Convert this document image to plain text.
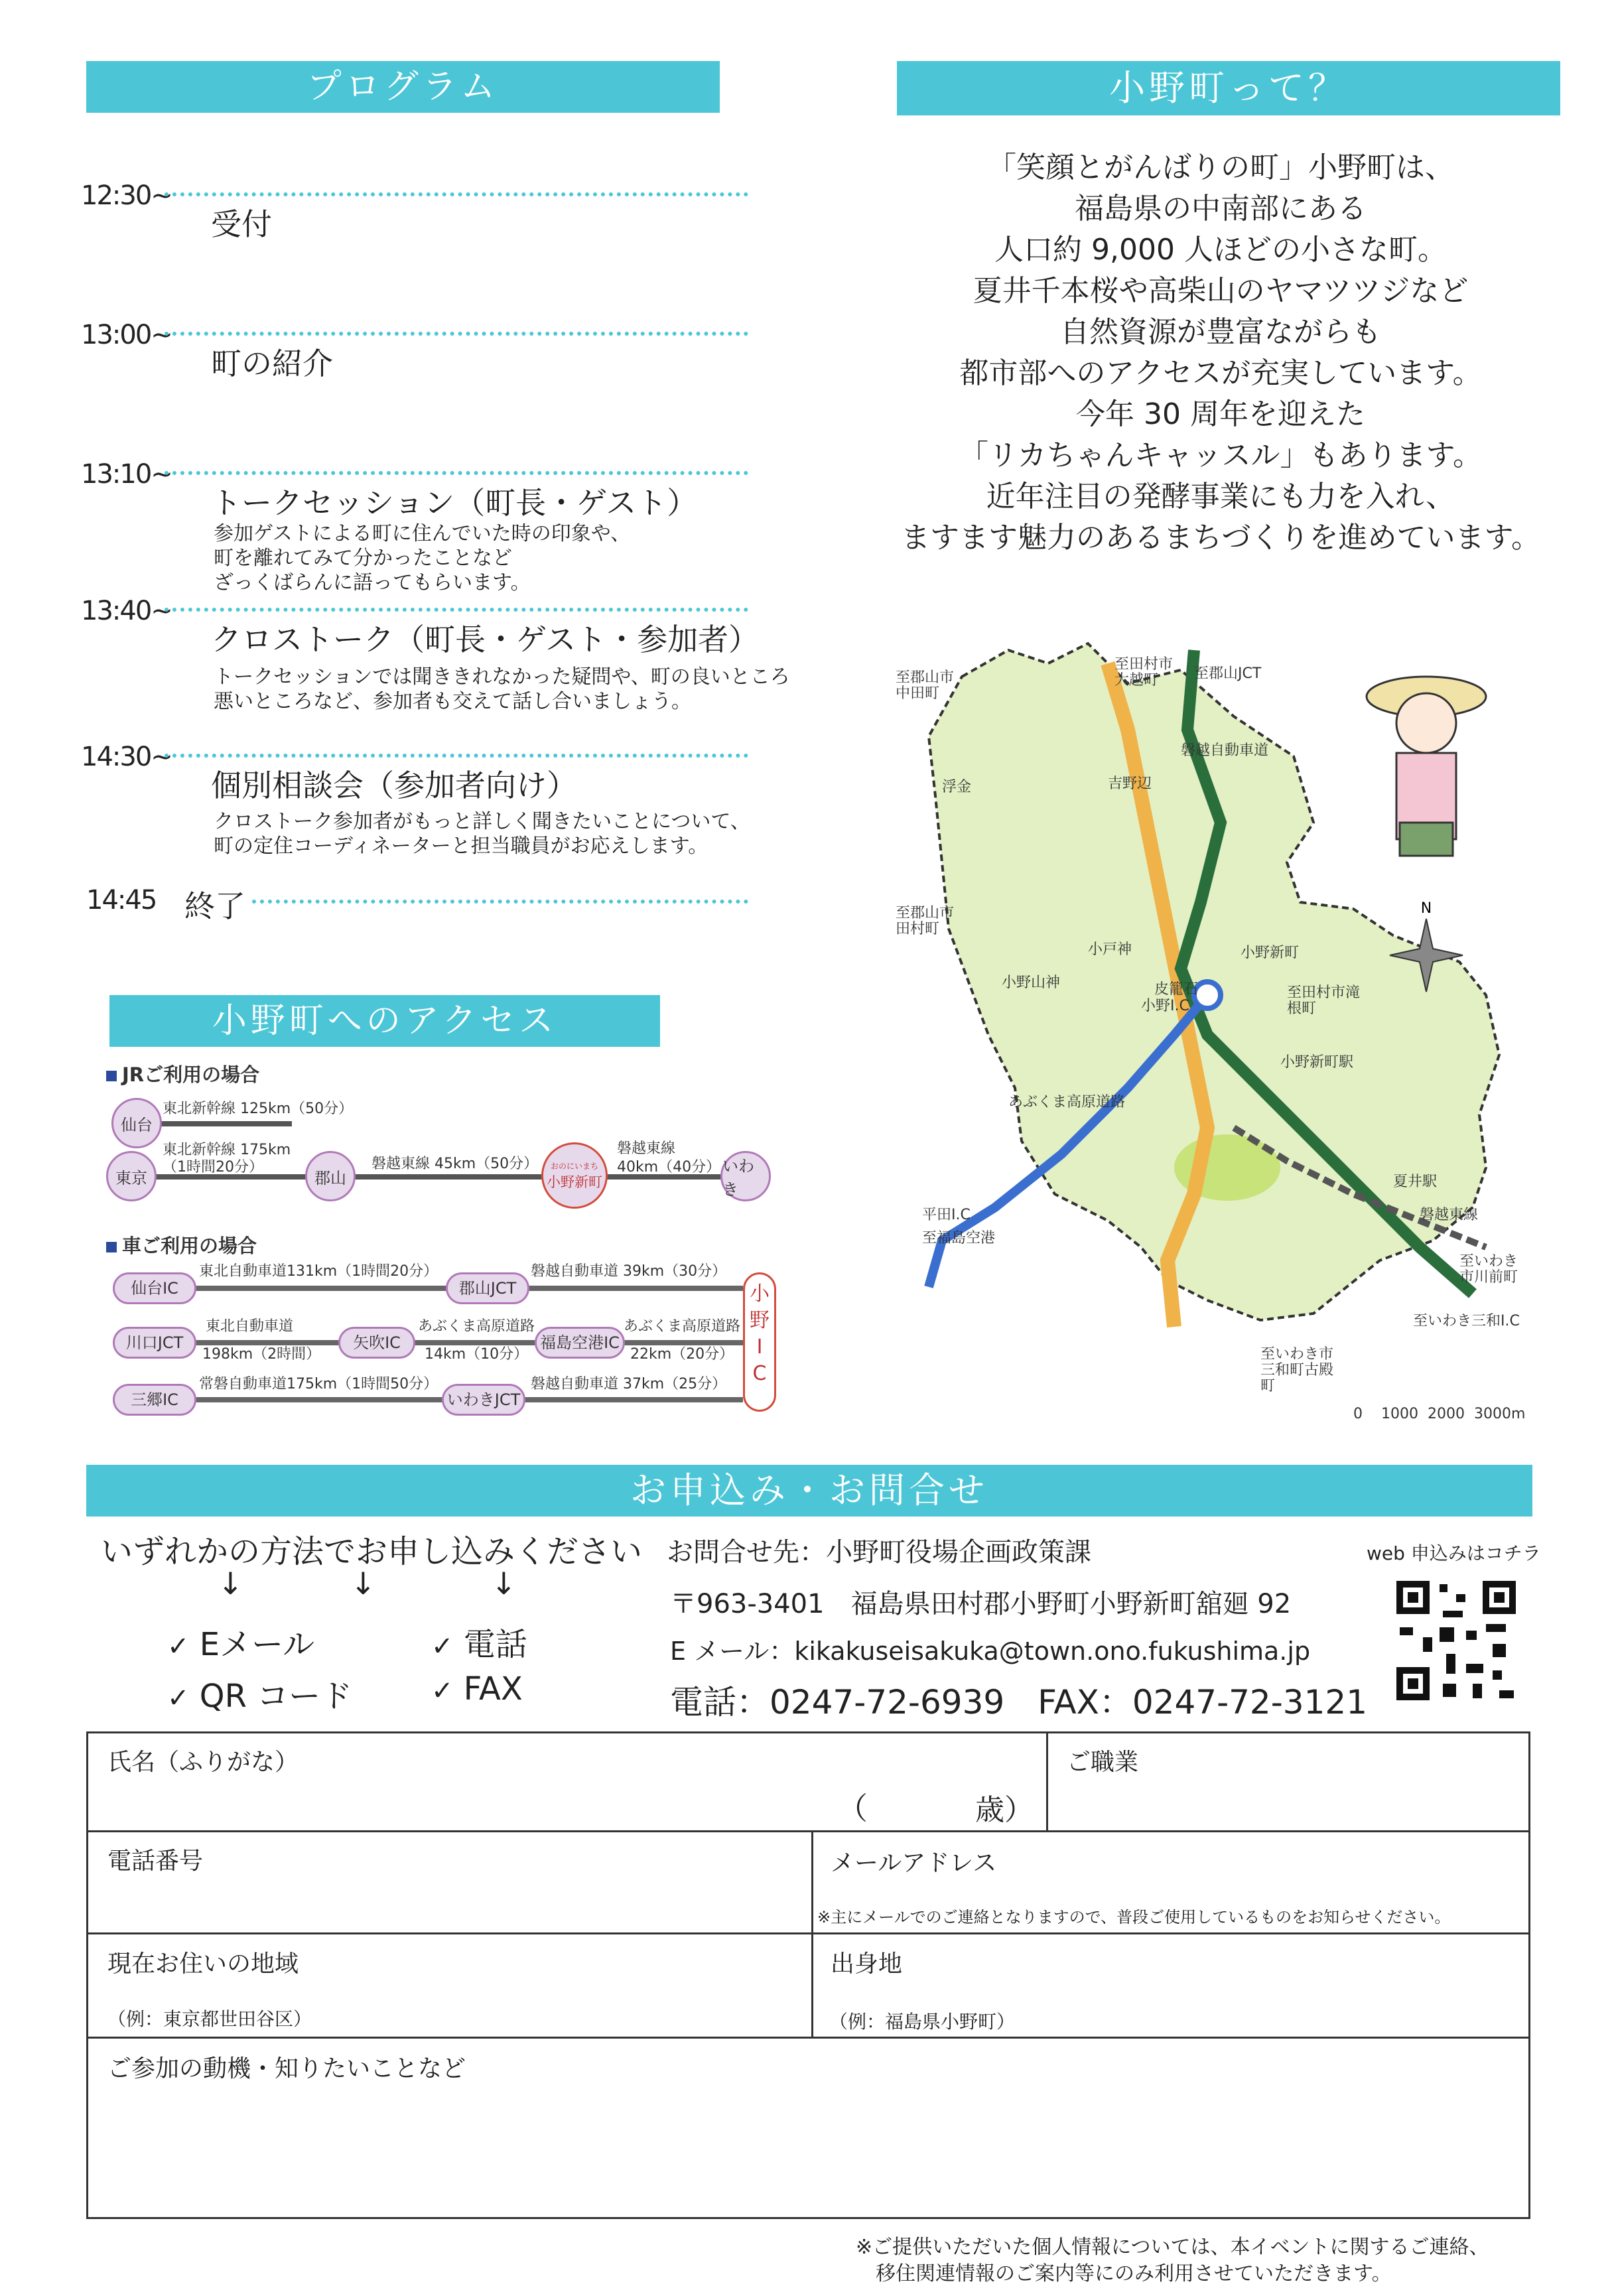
プログラム
12:30~
受付
13:00~
町の紹介
13:10~
トークセッション（町長・ゲスト）
参加ゲストによる町に住んでいた時の印象や、
町を離れてみて分かったことなど
ざっくばらんに語ってもらいます。
13:40~
クロストーク（町長・ゲスト・参加者）
トークセッションでは聞ききれなかった疑問や、町の良いところ
悪いところなど、参加者も交えて話し合いましょう。
14:30~
個別相談会（参加者向け）
クロストーク参加者がもっと詳しく聞きたいことについて、
町の定住コーディネーターと担当職員がお応えします。
14:45 終了
小野町って？
「笑顔とがんばりの町」小野町は、
福島県の中南部にある
人口約 9,000 人ほどの小さな町。
夏井千本桜や高柴山のヤマツツジなど
自然資源が豊富ながらも
都市部へのアクセスが充実しています。
今年 30 周年を迎えた
「リカちゃんキャッスル」もあります。
近年注目の発酵事業にも力を入れ、
ますます魅力のあるまちづくりを進めています。
N
至郡山市中田町
至田村市大越町	至郡山JCT
浮金	吉野辺
至郡山市田村町
小戸神
小野山神	皮籠石
小野新町
至田村市滝根町
小野I.C
小野新町駅
平田I.C
至福島空港
夏井駅
至いわき市川前町
至いわき三和I.C
至いわき市三和町古殿町
あぶくま高原道路
磐越自動車道
磐越東線
0 1000 2000 3000m
小野町へのアクセス
JRご利用の場合
仙台
東京	郡山
おのにいまち
小野新町
いわき
東北新幹線 125km（50分）
東北新幹線 175km
（1時間20分）	磐越東線 45km（50分）
磐越東線
40km（40分）
車ご利用の場合
仙台IC	郡山JCT
川口JCT	矢吹IC	福島空港IC
三郷IC	いわきJCT
東北自動車道131km（1時間20分）	磐越自動車道 39km（30分）
東北自動車道
198km（2時間）
あぶくま高原道路
14km（10分）
あぶくま高原道路
22km（20分）
常磐自動車道175km（1時間50分）	磐越自動車道 37km（25分）
小
野
I
C
お申込み・お問合せ
いずれかの方法でお申し込みください
↓	↓	↓
✓ Eメール	✓ 電話
✓ QR コード	✓ FAX
お問合せ先：小野町役場企画政策課
〒963-3401　福島県田村郡小野町小野新町舘廻 92
E メール：kikakuseisakuka@town.ono.fukushima.jp
電話：0247-72-6939　FAX：0247-72-3121
web 申込みはコチラ
氏名（ふりがな）
（	歳）
ご職業
電話番号	メールアドレス
※主にメールでのご連絡となりますので、普段ご使用しているものをお知らせください。
現在お住いの地域
（例：東京都世田谷区）
出身地
（例：福島県小野町）
ご参加の動機・知りたいことなど
※ご提供いただいた個人情報については、本イベントに関するご連絡、
移住関連情報のご案内等にのみ利用させていただきます。
